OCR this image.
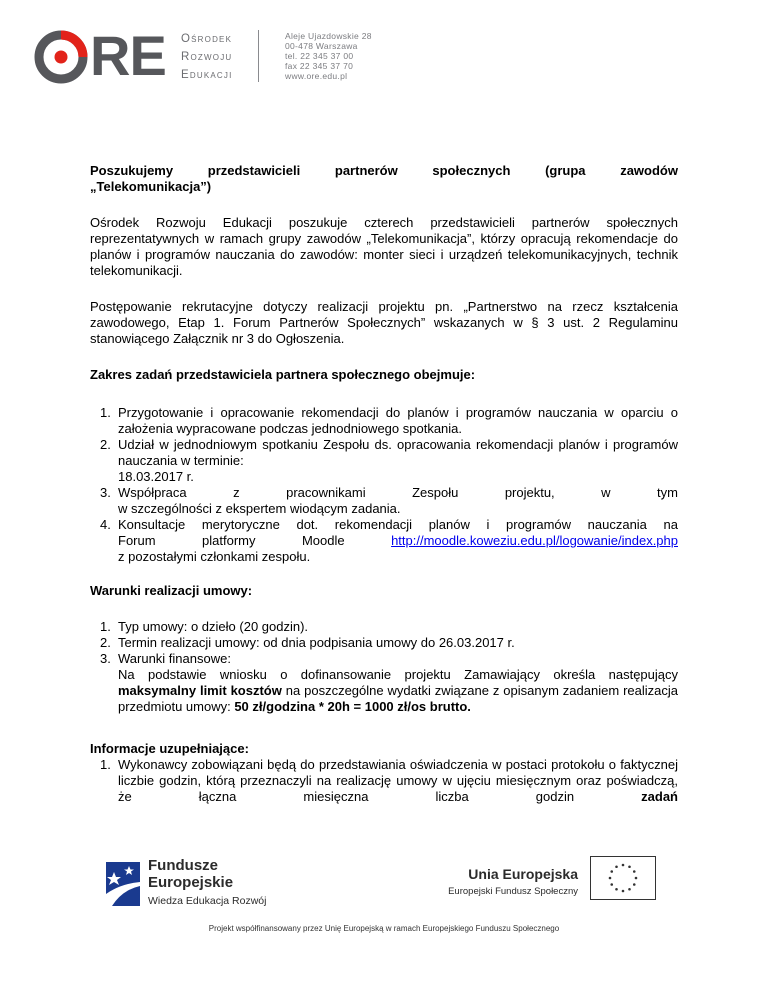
RE Ośrodek
Rozwoju
Edukacji
Aleje Ujazdowskie 28
00-478 Warszawa
tel. 22 345 37 00
fax 22 345 37 70
www.ore.edu.pl
Poszukujemy	przedstawicieli	partnerów	społecznych	(grupa	zawodów
„Telekomunikacja”)

Ośrodek Rozwoju Edukacji poszukuje czterech przedstawicieli partnerów społecznych reprezentatywnych w ramach grupy zawodów „Telekomunikacja”, którzy opracują rekomendacje do planów i programów nauczania do zawodów: monter sieci i urządzeń telekomunikacyjnych, technik telekomunikacji.

Postępowanie rekrutacyjne dotyczy realizacji projektu pn. „Partnerstwo na rzecz kształcenia zawodowego, Etap 1. Forum Partnerów Społecznych” wskazanych w § 3 ust. 2 Regulaminu stanowiącego Załącznik nr 3 do Ogłoszenia.

Zakres zadań przedstawiciela partnera społecznego obejmuje:

1. Przygotowanie i opracowanie rekomendacji do planów i programów nauczania w oparciu o założenia wypracowane podczas jednodniowego spotkania.
2. Udział w jednodniowym spotkaniu Zespołu ds. opracowania rekomendacji planów i programów nauczania w terminie:
18.03.2017 r.
3. Współpraca	z	pracownikami	Zespołu	projektu,	w	tym
w szczególności z ekspertem wiodącym zadania.
4. Konsultacje merytoryczne dot. rekomendacji planów i programów nauczania na
Forum	platformy	Moodle	http://moodle.koweziu.edu.pl/logowanie/index.php
z pozostałymi członkami zespołu.

Warunki realizacji umowy:

1. Typ umowy: o dzieło (20 godzin).
2. Termin realizacji umowy: od dnia podpisania umowy do 26.03.2017 r.
3. Warunki finansowe:
Na podstawie wniosku o dofinansowanie projektu Zamawiający określa następujący maksymalny limit kosztów na poszczególne wydatki związane z opisanym zadaniem realizacja przedmiotu umowy: 50 zł/godzina * 20h = 1000 zł/os brutto.

Informacje uzupełniające:

1. Wykonawcy zobowiązani będą do przedstawiania oświadczenia w postaci protokołu o faktycznej liczbie godzin, którą przeznaczyli na realizację umowy w ujęciu miesięcznym oraz poświadczą, że łączna miesięczna liczba godzin zadań
Fundusze
Europejskie
Wiedza Edukacja Rozwój
Unia Europejska
Europejski Fundusz Społeczny
Projekt współfinansowany przez Unię Europejską w ramach Europejskiego Funduszu Społecznego
